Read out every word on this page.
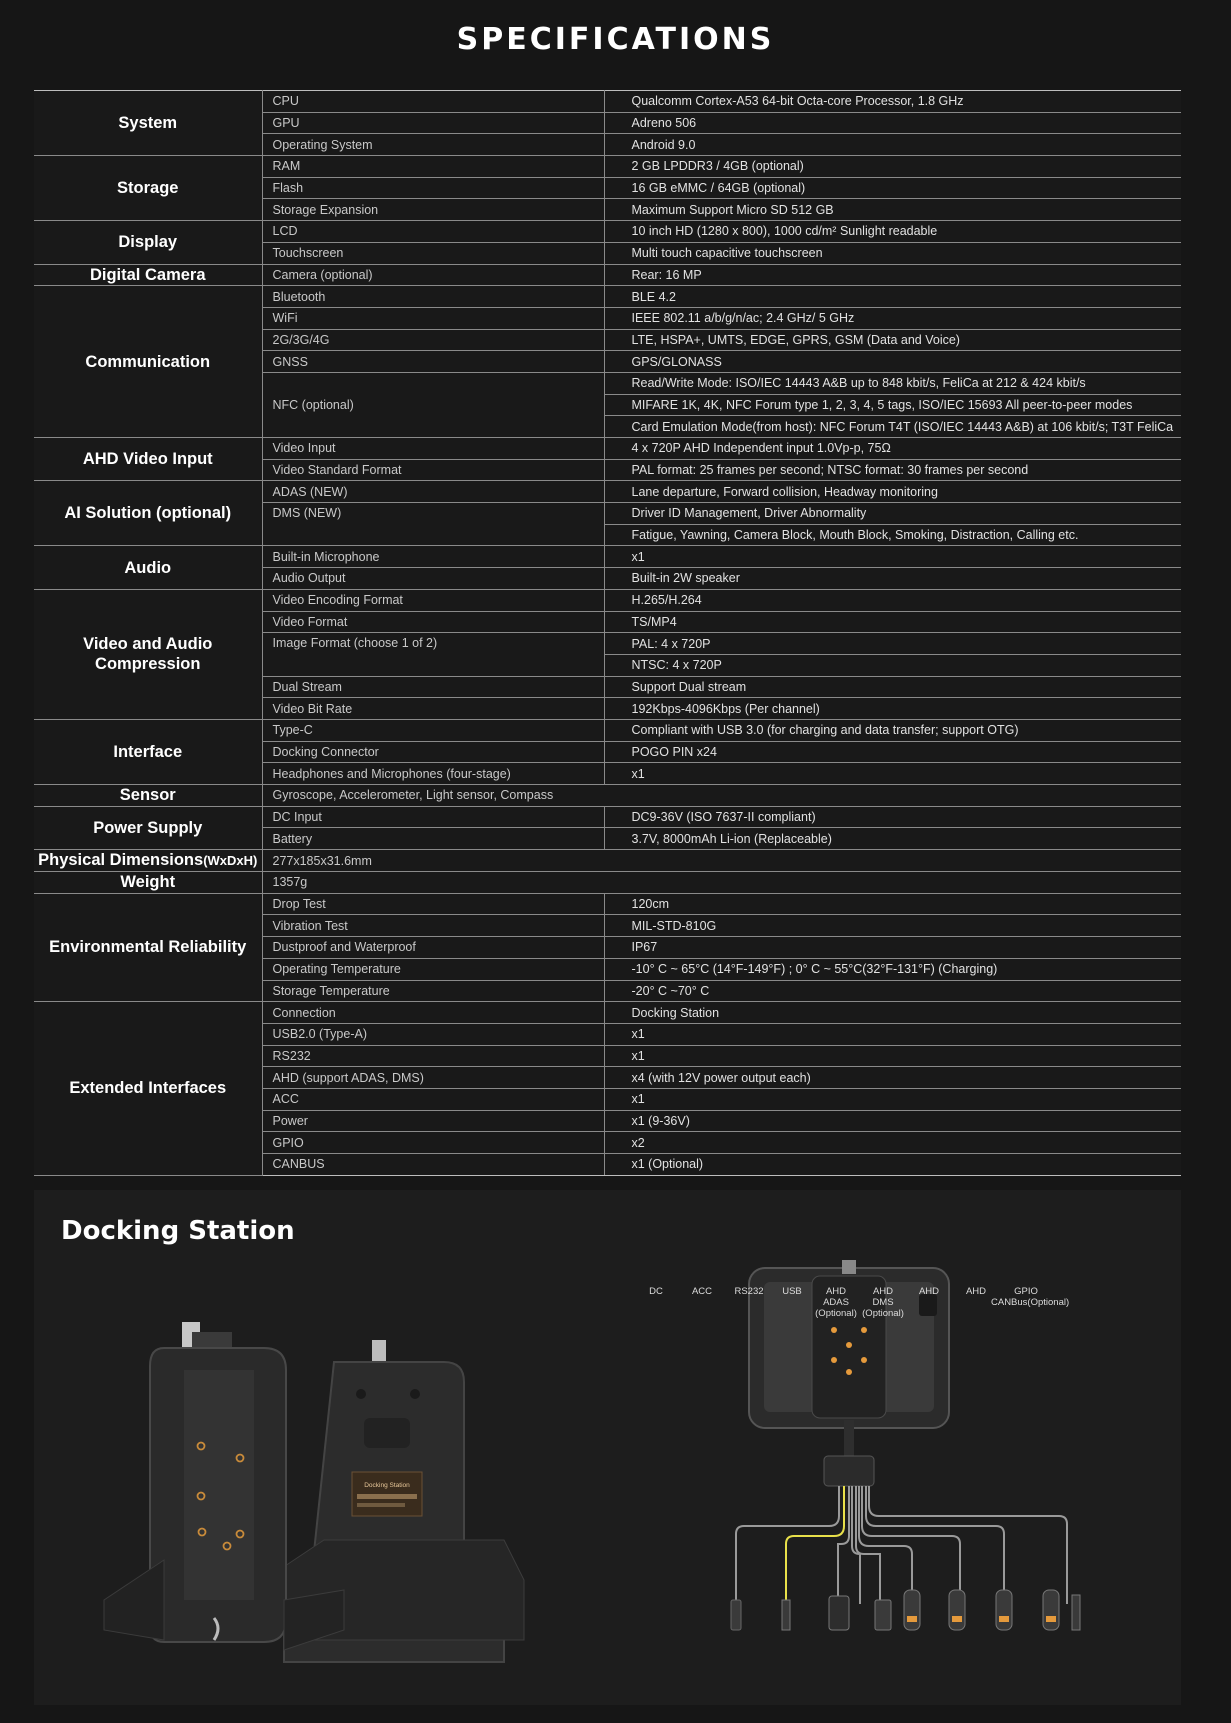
SPECIFICATIONS
System	CPU	Qualcomm Cortex-A53 64-bit Octa-core Processor, 1.8 GHz
	GPU	Adreno 506
	Operating System	Android 9.0
Storage	RAM	2 GB LPDDR3 / 4GB (optional)
	Flash	16 GB eMMC / 64GB (optional)
	Storage Expansion	Maximum Support Micro SD 512 GB
Display	LCD	10 inch HD (1280 x 800), 1000 cd/m² Sunlight readable
	Touchscreen	Multi touch capacitive touchscreen
Digital Camera	Camera (optional)	Rear: 16 MP
Communication	Bluetooth	BLE 4.2
	WiFi	IEEE 802.11 a/b/g/n/ac; 2.4 GHz/ 5 GHz
	2G/3G/4G	LTE, HSPA+, UMTS, EDGE, GPRS, GSM (Data and Voice)
	GNSS	GPS/GLONASS
	NFC (optional)	Read/Write Mode: ISO/IEC 14443 A&B up to 848 kbit/s, FeliCa at 212 & 424 kbit/s
		MIFARE 1K, 4K, NFC Forum type 1, 2, 3, 4, 5 tags, ISO/IEC 15693 All peer-to-peer modes
		Card Emulation Mode(from host): NFC Forum T4T (ISO/IEC 14443 A&B) at 106 kbit/s; T3T FeliCa
AHD Video Input	Video Input	4 x 720P AHD Independent input 1.0Vp-p, 75Ω
	Video Standard Format	PAL format: 25 frames per second; NTSC format: 30 frames per second
AI Solution (optional)	ADAS (NEW)	Lane departure, Forward collision, Headway monitoring
	DMS (NEW)	Driver ID Management, Driver Abnormality
		Fatigue, Yawning, Camera Block, Mouth Block, Smoking, Distraction, Calling etc.
Audio	Built-in Microphone	x1
	Audio Output	Built-in 2W speaker
Video and Audio Compression	Video Encoding Format	H.265/H.264
	Video Format	TS/MP4
	Image Format (choose 1 of 2)	PAL: 4 x 720P
		NTSC: 4 x 720P
	Dual Stream	Support Dual stream
	Video Bit Rate	192Kbps-4096Kbps (Per channel)
Interface	Type-C	Compliant with USB 3.0 (for charging and data transfer; support OTG)
	Docking Connector	POGO PIN x24
	Headphones and Microphones (four-stage)	x1
Sensor	Gyroscope, Accelerometer, Light sensor, Compass	
Power Supply	DC Input	DC9-36V (ISO 7637-II compliant)
	Battery	3.7V, 8000mAh Li-ion (Replaceable)
Physical Dimensions(WxDxH)	277x185x31.6mm	
Weight	1357g	
Environmental Reliability	Drop Test	120cm
	Vibration Test	MIL-STD-810G
	Dustproof and Waterproof	IP67
	Operating Temperature	-10° C ~ 65°C (14°F-149°F) ; 0° C ~ 55°C(32°F-131°F) (Charging)
	Storage Temperature	-20° C ~70° C
Extended Interfaces	Connection	Docking Station
	USB2.0 (Type-A)	x1
	RS232	x1
	AHD (support ADAS, DMS)	x4 (with 12V power output each)
	ACC	x1
	Power	x1 (9-36V)
	GPIO	x2
	CANBUS	x1 (Optional)
Docking Station
Docking Station
DC	ACC	RS232	USB	AHD
ADAS
(Optional)
AHD
DMS
(Optional)
AHD	AHD	GPIO
CANBus(Optional)
